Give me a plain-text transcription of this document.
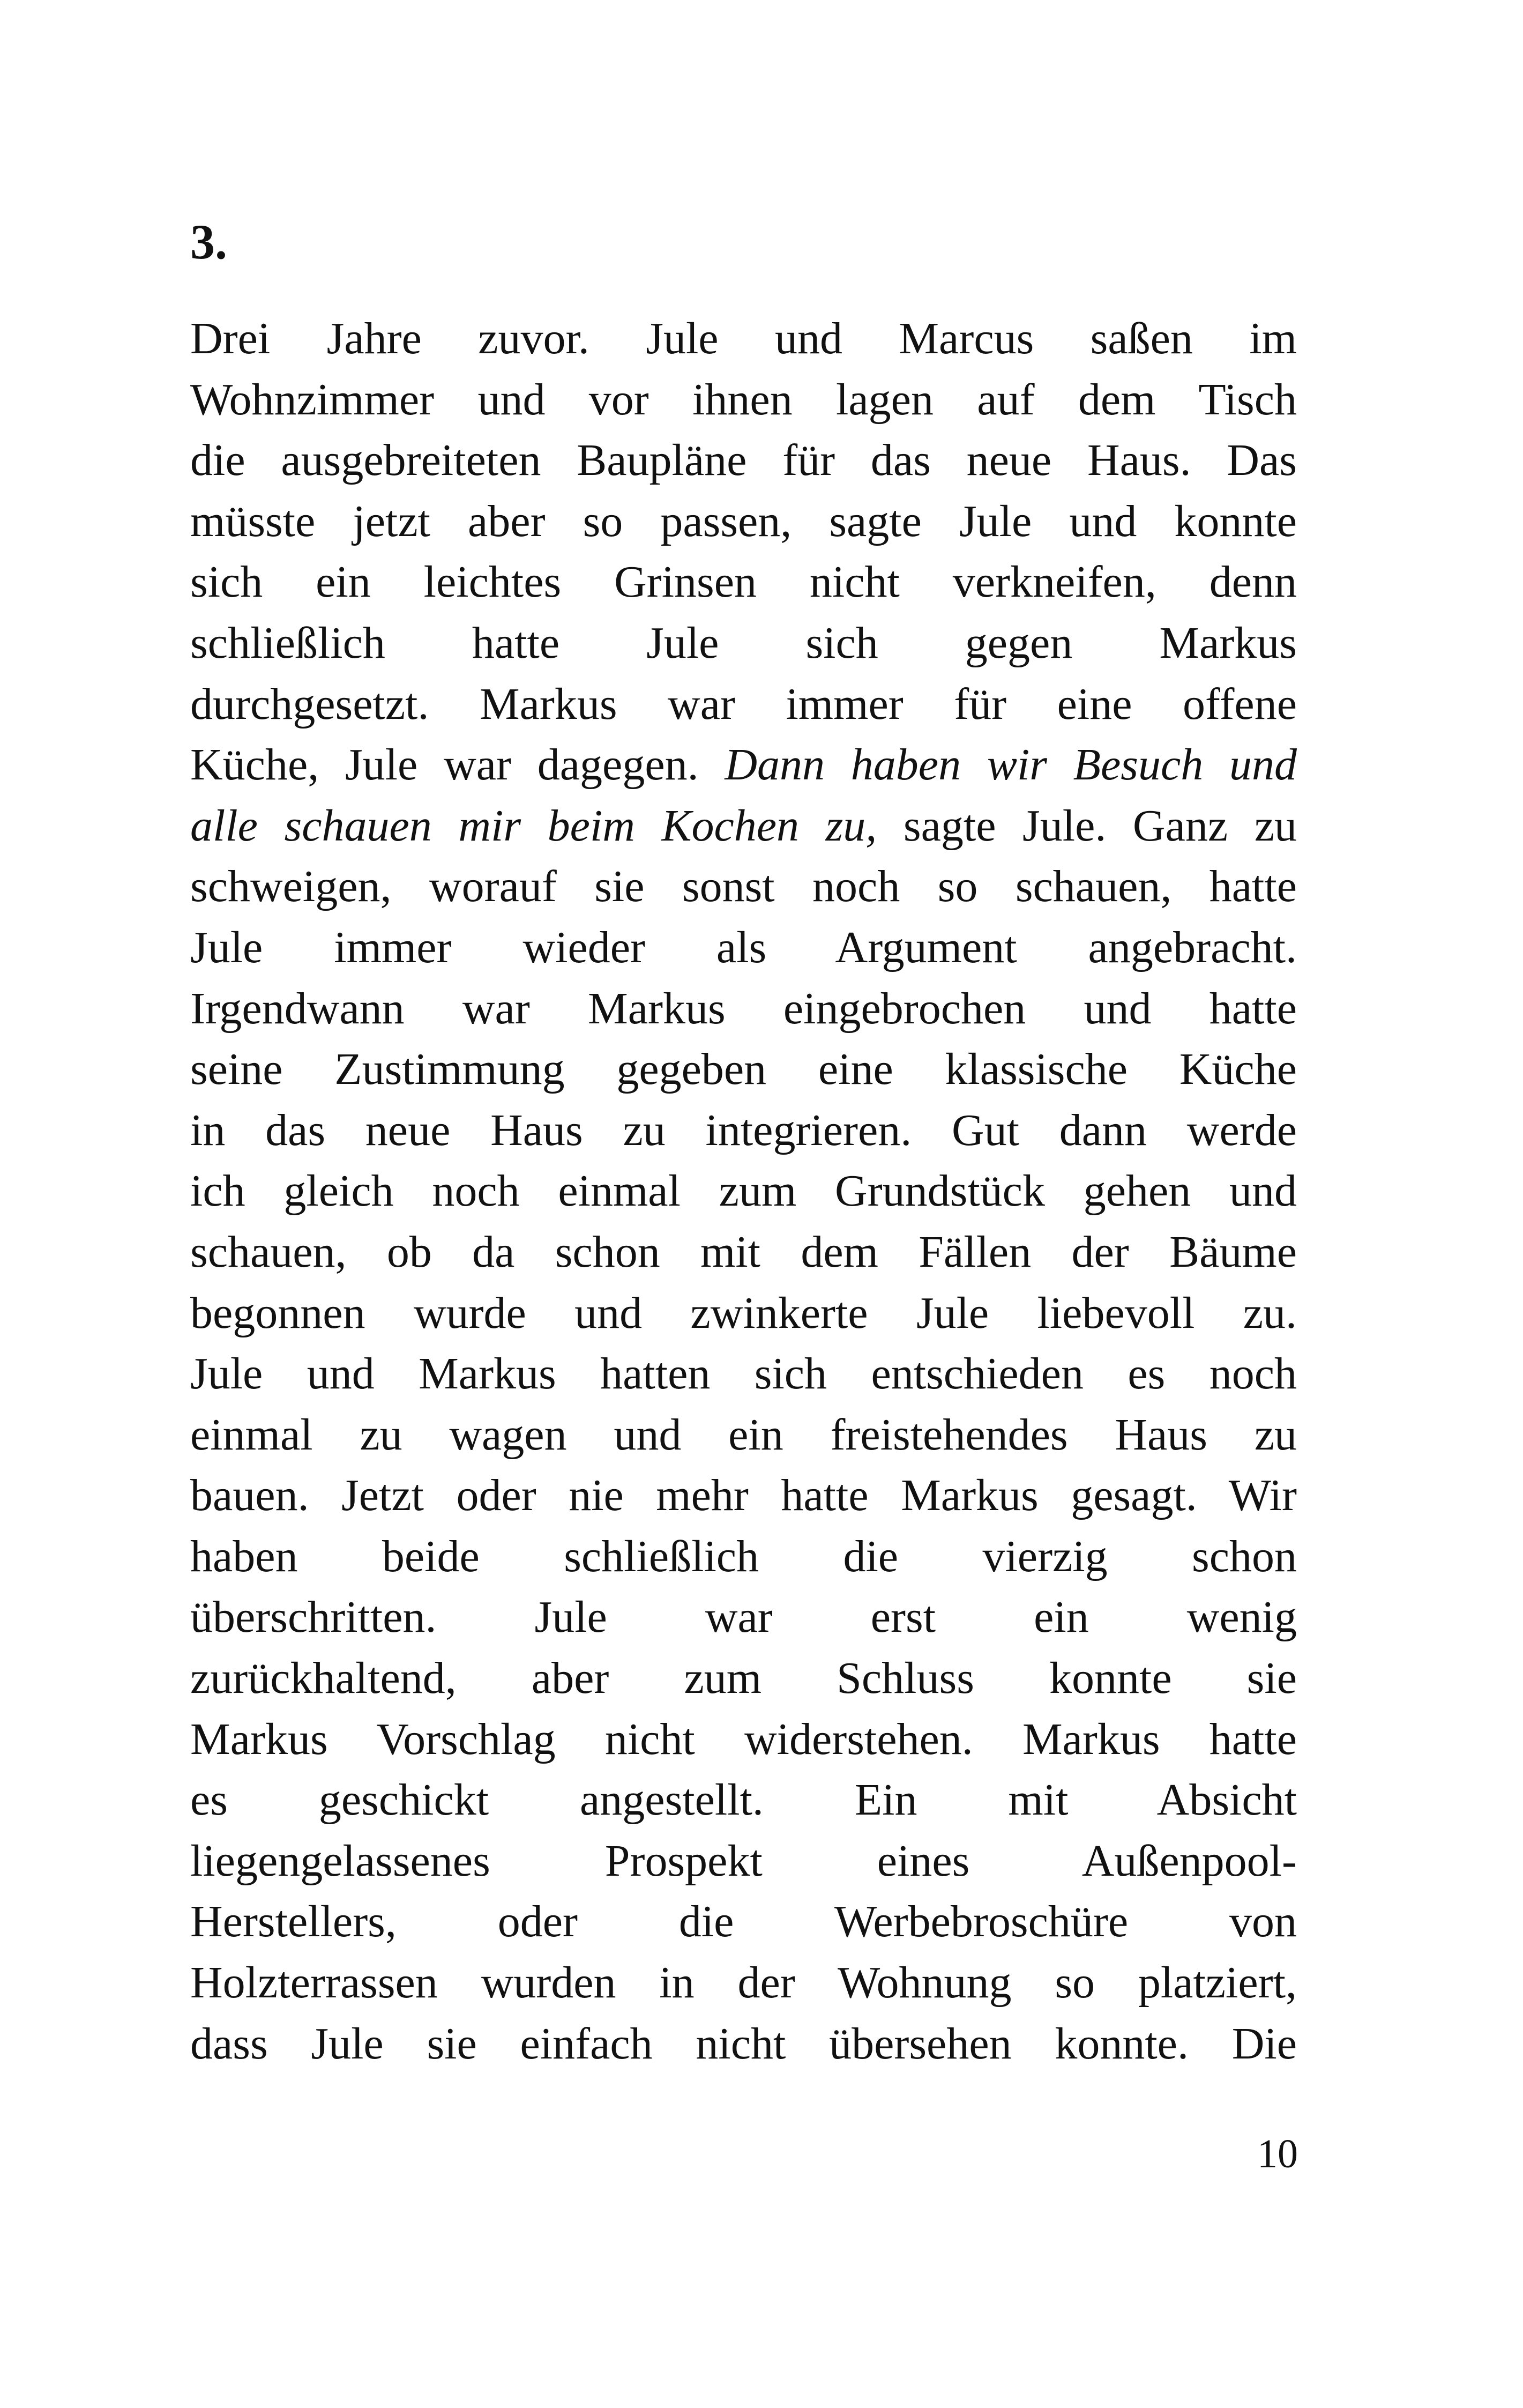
3.
Drei Jahre zuvor. Jule und Marcus saßen im
Wohnzimmer und vor ihnen lagen auf dem Tisch
die ausgebreiteten Baupläne für das neue Haus. Das
müsste jetzt aber so passen, sagte Jule und konnte
sich ein leichtes Grinsen nicht verkneifen, denn
schließlich hatte Jule sich gegen Markus
durchgesetzt. Markus war immer für eine offene
Küche, Jule war dagegen. Dann haben wir Besuch und
alle schauen mir beim Kochen zu, sagte Jule. Ganz zu
schweigen, worauf sie sonst noch so schauen, hatte
Jule immer wieder als Argument angebracht.
Irgendwann war Markus eingebrochen und hatte
seine Zustimmung gegeben eine klassische Küche
in das neue Haus zu integrieren. Gut dann werde
ich gleich noch einmal zum Grundstück gehen und
schauen, ob da schon mit dem Fällen der Bäume
begonnen wurde und zwinkerte Jule liebevoll zu.
Jule und Markus hatten sich entschieden es noch
einmal zu wagen und ein freistehendes Haus zu
bauen. Jetzt oder nie mehr hatte Markus gesagt. Wir
haben beide schließlich die vierzig schon
überschritten. Jule war erst ein wenig
zurückhaltend, aber zum Schluss konnte sie
Markus Vorschlag nicht widerstehen. Markus hatte
es geschickt angestellt. Ein mit Absicht
liegengelassenes Prospekt eines Außenpool-
Herstellers, oder die Werbebroschüre von
Holzterrassen wurden in der Wohnung so platziert,
dass Jule sie einfach nicht übersehen konnte. Die
10
